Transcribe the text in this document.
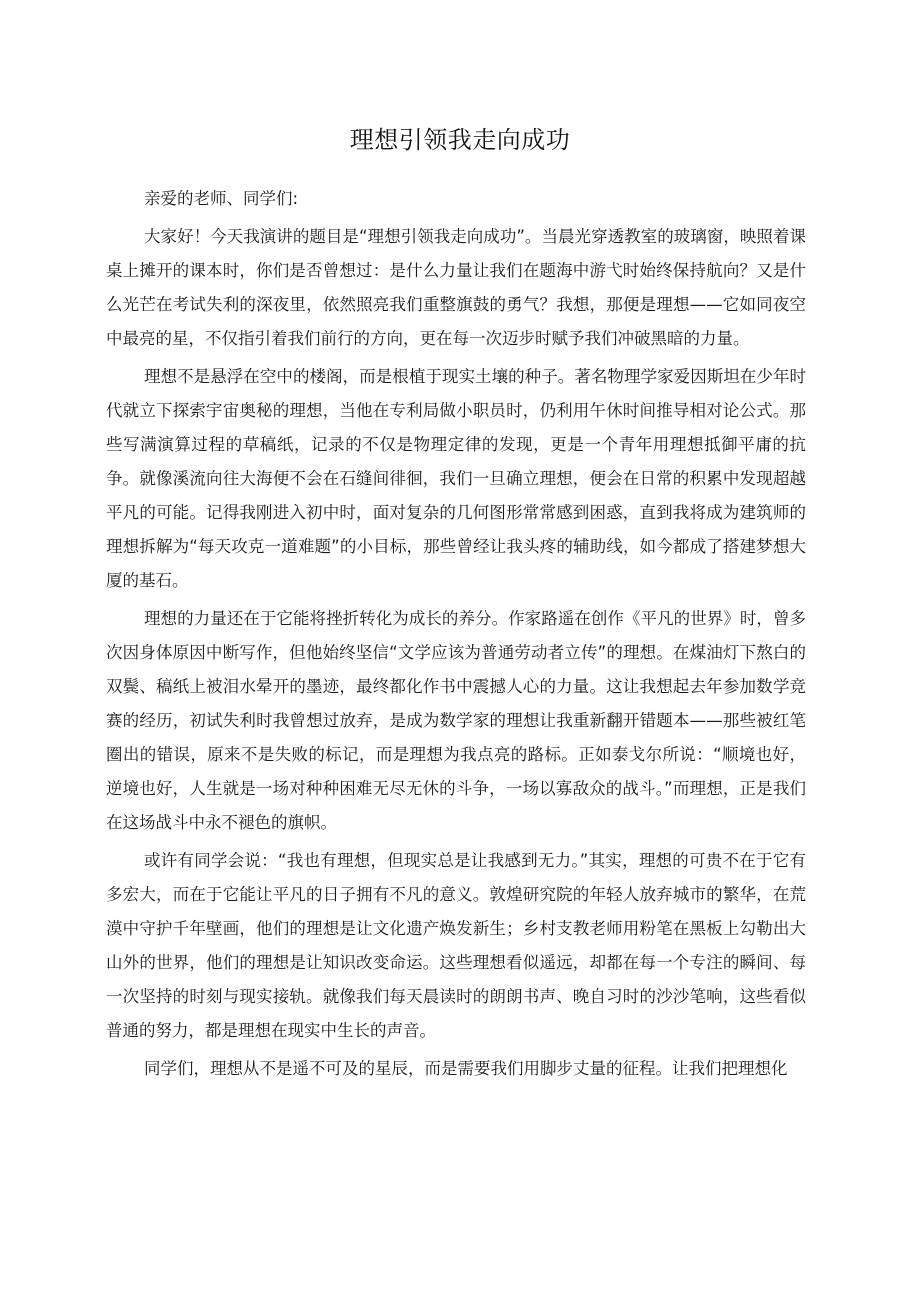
理想引领我走向成功

亲爱的老师、同学们:

大家好！今天我演讲的题目是“理想引领我走向成功”。当晨光穿透教室的玻璃窗，映照着课桌上摊开的课本时，你们是否曾想过：是什么力量让我们在题海中游弋时始终保持航向？又是什么光芒在考试失利的深夜里，依然照亮我们重整旗鼓的勇气？我想，那便是理想——它如同夜空中最亮的星，不仅指引着我们前行的方向，更在每一次迈步时赋予我们冲破黑暗的力量。

理想不是悬浮在空中的楼阁，而是根植于现实土壤的种子。著名物理学家爱因斯坦在少年时代就立下探索宇宙奥秘的理想，当他在专利局做小职员时，仍利用午休时间推导相对论公式。那些写满演算过程的草稿纸，记录的不仅是物理定律的发现，更是一个青年用理想抵御平庸的抗争。就像溪流向往大海便不会在石缝间徘徊，我们一旦确立理想，便会在日常的积累中发现超越平凡的可能。记得我刚进入初中时，面对复杂的几何图形常常感到困惑，直到我将成为建筑师的理想拆解为“每天攻克一道难题”的小目标，那些曾经让我头疼的辅助线，如今都成了搭建梦想大厦的基石。

理想的力量还在于它能将挫折转化为成长的养分。作家路遥在创作《平凡的世界》时，曾多次因身体原因中断写作，但他始终坚信“文学应该为普通劳动者立传”的理想。在煤油灯下熬白的双鬓、稿纸上被泪水晕开的墨迹，最终都化作书中震撼人心的力量。这让我想起去年参加数学竞赛的经历，初试失利时我曾想过放弃，是成为数学家的理想让我重新翻开错题本——那些被红笔圈出的错误，原来不是失败的标记，而是理想为我点亮的路标。正如泰戈尔所说：“顺境也好，逆境也好，人生就是一场对种种困难无尽无休的斗争，一场以寡敌众的战斗。”而理想，正是我们在这场战斗中永不褪色的旗帜。

或许有同学会说：“我也有理想，但现实总是让我感到无力。”其实，理想的可贵不在于它有多宏大，而在于它能让平凡的日子拥有不凡的意义。敦煌研究院的年轻人放弃城市的繁华，在荒漠中守护千年壁画，他们的理想是让文化遗产焕发新生；乡村支教老师用粉笔在黑板上勾勒出大山外的世界，他们的理想是让知识改变命运。这些理想看似遥远，却都在每一个专注的瞬间、每一次坚持的时刻与现实接轨。就像我们每天晨读时的朗朗书声、晚自习时的沙沙笔响，这些看似普通的努力，都是理想在现实中生长的声音。

同学们，理想从不是遥不可及的星辰，而是需要我们用脚步丈量的征程。让我们把理想化
